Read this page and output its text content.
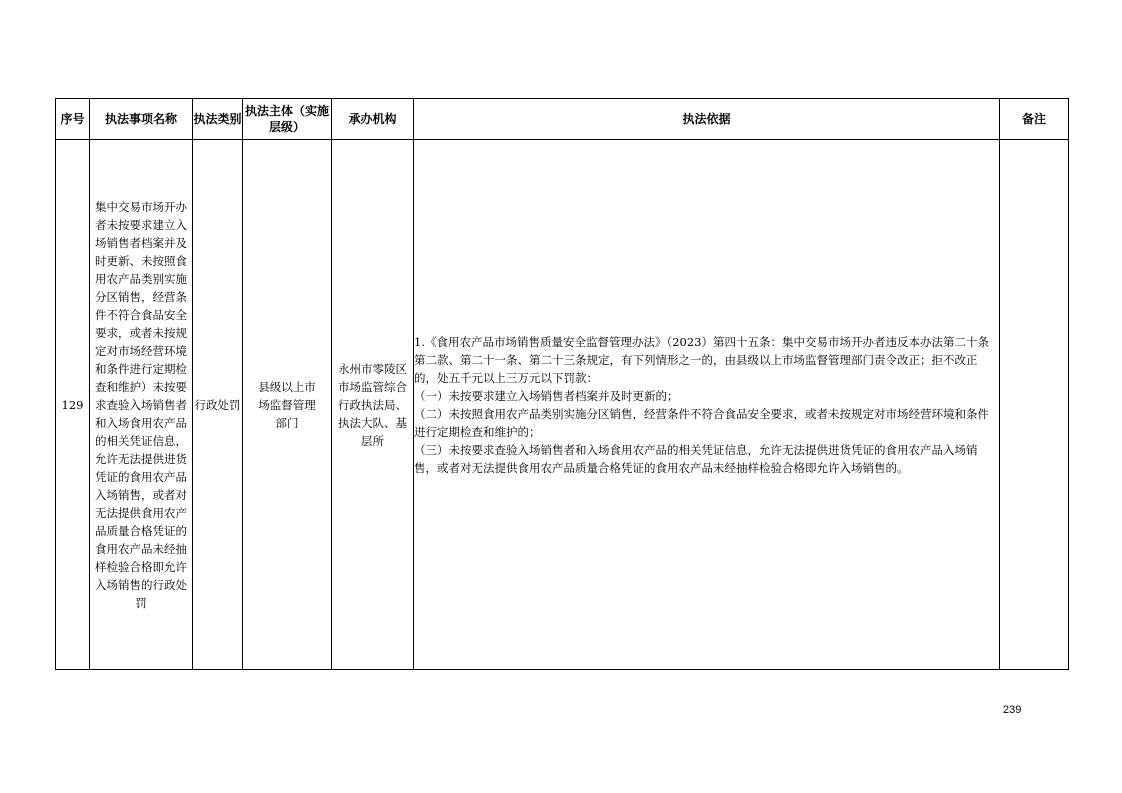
序号	执法事项名称	执法类别	执法主体（实施层级）	承办机构	执法依据	备注
129	集中交易市场开办者未按要求建立入场销售者档案并及时更新、未按照食用农产品类别实施分区销售，经营条件不符合食品安全要求，或者未按规定对市场经营环境和条件进行定期检查和维护）未按要求查验入场销售者和入场食用农产品的相关凭证信息，允许无法提供进货凭证的食用农产品入场销售，或者对无法提供食用农产品质量合格凭证的食用农产品未经抽样检验合格即允许入场销售的行政处罚	行政处罚	县级以上市场监督管理部门	永州市零陵区市场监管综合行政执法局、执法大队、基层所	1.《食用农产品市场销售质量安全监督管理办法》（2023）第四十五条：集中交易市场开办者违反本办法第二十条第二款、第二十一条、第二十三条规定，有下列情形之一的，由县级以上市场监督管理部门责令改正；拒不改正的，处五千元以上三万元以下罚款：
（一）未按要求建立入场销售者档案并及时更新的；
（二）未按照食用农产品类别实施分区销售，经营条件不符合食品安全要求，或者未按规定对市场经营环境和条件进行定期检查和维护的；
（三）未按要求查验入场销售者和入场食用农产品的相关凭证信息，允许无法提供进货凭证的食用农产品入场销售，或者对无法提供食用农产品质量合格凭证的食用农产品未经抽样检验合格即允许入场销售的。	

239
